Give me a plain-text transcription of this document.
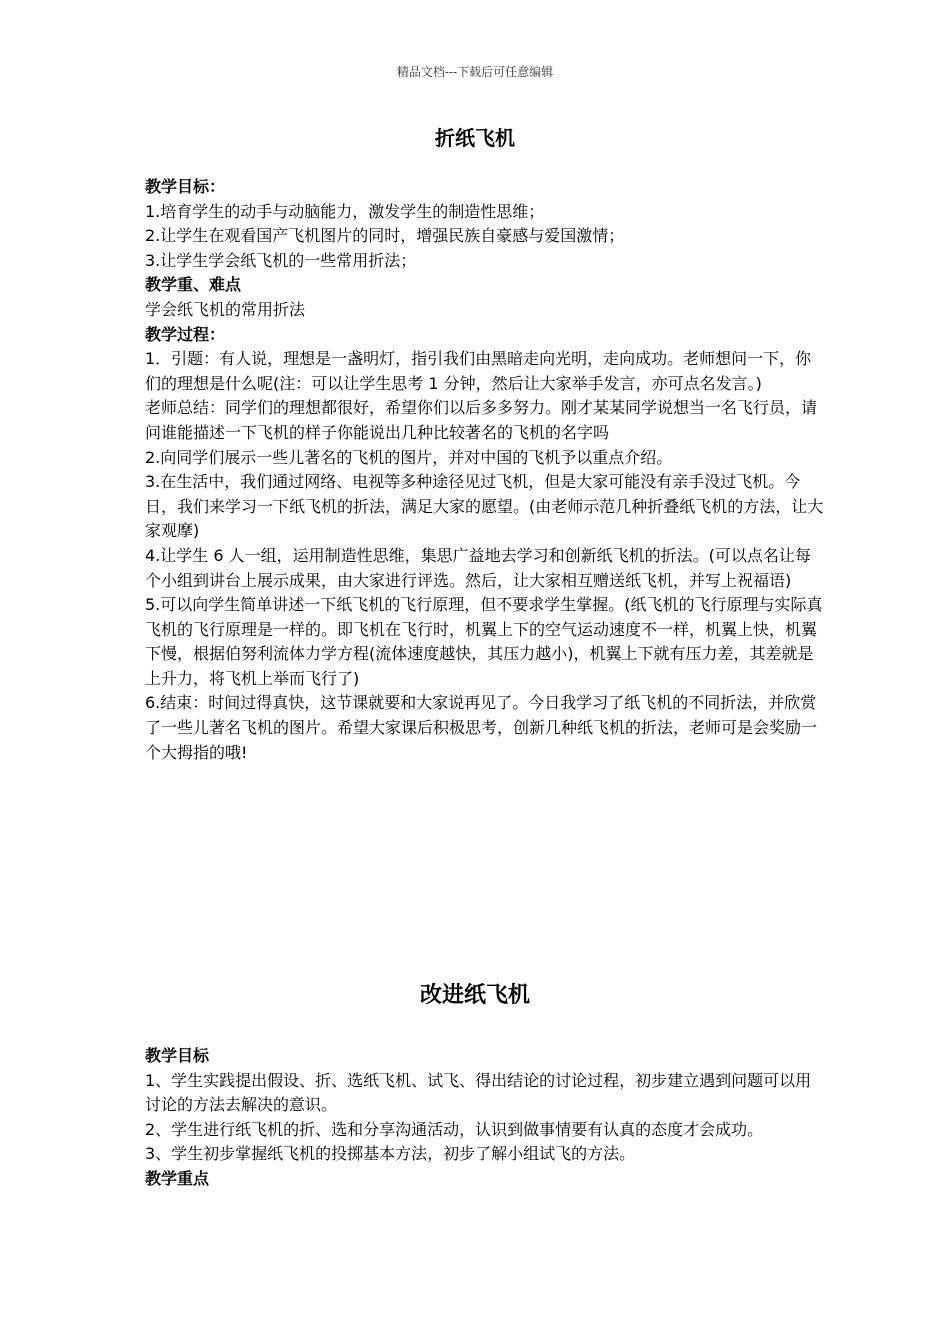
精品文档---下载后可任意编辑
折纸飞机
教学目标：
1.培育学生的动手与动脑能力，激发学生的制造性思维；
2.让学生在观看国产飞机图片的同时，增强民族自豪感与爱国激情；
3.让学生学会纸飞机的一些常用折法；
教学重、难点
学会纸飞机的常用折法
教学过程：
1．引题：有人说，理想是一盏明灯，指引我们由黑暗走向光明，走向成功。老师想问一下，你们的理想是什么呢(注：可以让学生思考 1 分钟，然后让大家举手发言，亦可点名发言。)
老师总结：同学们的理想都很好，希望你们以后多多努力。刚才某某同学说想当一名飞行员，请问谁能描述一下飞机的样子你能说出几种比较著名的飞机的名字吗
2.向同学们展示一些儿著名的飞机的图片，并对中国的飞机予以重点介绍。
3.在生活中，我们通过网络、电视等多种途径见过飞机，但是大家可能没有亲手没过飞机。今日，我们来学习一下纸飞机的折法，满足大家的愿望。(由老师示范几种折叠纸飞机的方法，让大家观摩)
4.让学生 6 人一组，运用制造性思维，集思广益地去学习和创新纸飞机的折法。(可以点名让每个小组到讲台上展示成果，由大家进行评选。然后，让大家相互赠送纸飞机，并写上祝福语)
5.可以向学生简单讲述一下纸飞机的飞行原理，但不要求学生掌握。(纸飞机的飞行原理与实际真飞机的飞行原理是一样的。即飞机在飞行时，机翼上下的空气运动速度不一样，机翼上快，机翼下慢，根据伯努利流体力学方程(流体速度越快，其压力越小)，机翼上下就有压力差，其差就是上升力，将飞机上举而飞行了)
6.结束：时间过得真快，这节课就要和大家说再见了。今日我学习了纸飞机的不同折法，并欣赏了一些儿著名飞机的图片。希望大家课后积极思考，创新几种纸飞机的折法，老师可是会奖励一个大拇指的哦!
改进纸飞机
教学目标
1、学生实践提出假设、折、选纸飞机、试飞、得出结论的讨论过程，初步建立遇到问题可以用讨论的方法去解决的意识。
2、学生进行纸飞机的折、选和分享沟通活动，认识到做事情要有认真的态度才会成功。
3、学生初步掌握纸飞机的投掷基本方法，初步了解小组试飞的方法。
教学重点
